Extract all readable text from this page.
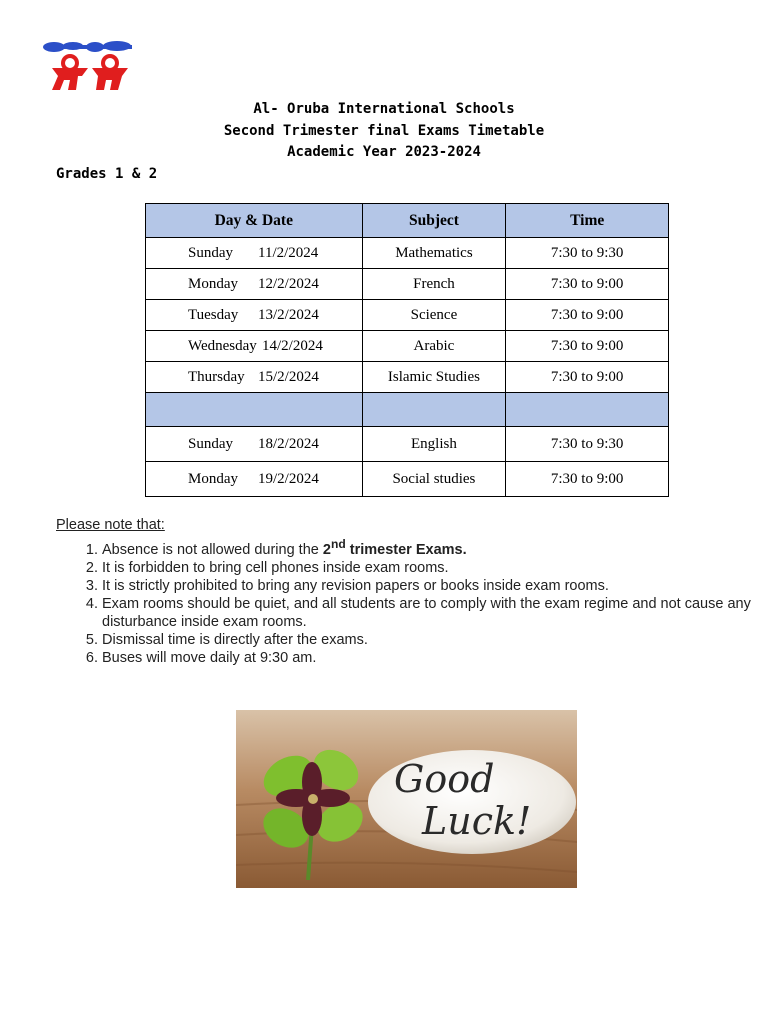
Al- Oruba International Schools
Second Trimester final Exams Timetable
Academic Year 2023-2024
Grades 1 & 2
Day & Date	Subject	Time
Sunday 11/2/2024	Mathematics	7:30 to 9:30
Monday 12/2/2024	French	7:30 to 9:00
Tuesday 13/2/2024	Science	7:30 to 9:00
Wednesday 14/2/2024	Arabic	7:30 to 9:00
Thursday 15/2/2024	Islamic Studies	7:30 to 9:00

Sunday 18/2/2024	English	7:30 to 9:30
Monday 19/2/2024	Social studies	7:30 to 9:00
Please note that:
1. Absence is not allowed during the 2nd trimester Exams.
2. It is forbidden to bring cell phones inside exam rooms.
3. It is strictly prohibited to bring any revision papers or books inside exam rooms.
4. Exam rooms should be quiet, and all students are to comply with the exam regime and not cause any disturbance inside exam rooms.
5. Dismissal time is directly after the exams.
6. Buses will move daily at 9:30 am.
Good
Luck!
